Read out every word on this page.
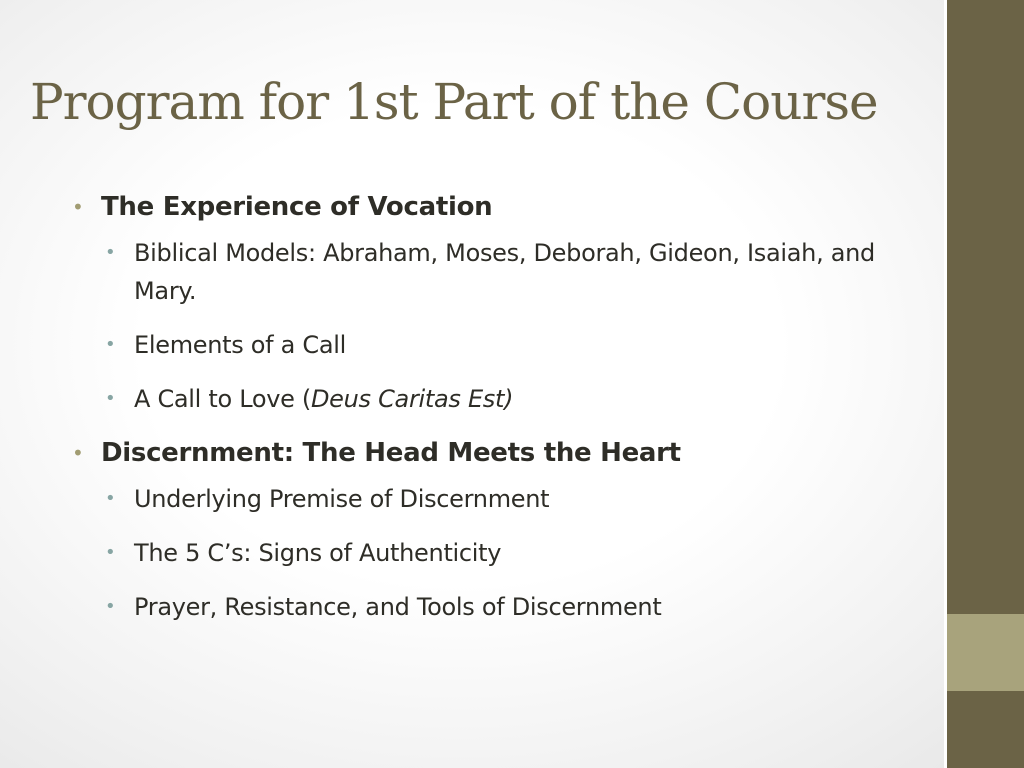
Program for 1st Part of the Course
• The Experience of Vocation
• Biblical Models: Abraham, Moses, Deborah, Gideon, Isaiah, and Mary.
• Elements of a Call
• A Call to Love (Deus Caritas Est)
• Discernment: The Head Meets the Heart
• Underlying Premise of Discernment
• The 5 C’s: Signs of Authenticity
• Prayer, Resistance, and Tools of Discernment
